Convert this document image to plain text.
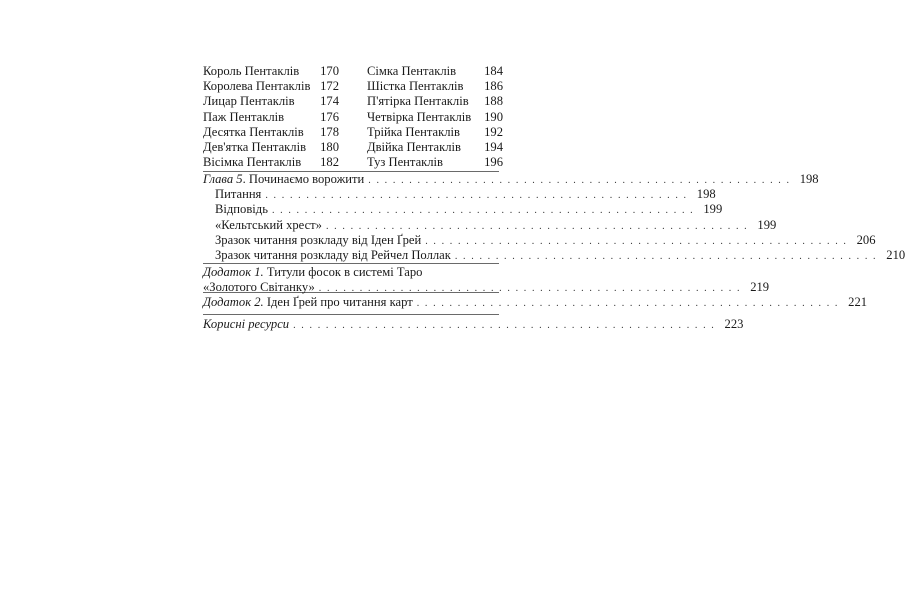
Король Пентаклів 170
Королева Пентаклів 172
Лицар Пентаклів 174
Паж Пентаклів	176
Десятка Пентаклів 178
Дев'ятка Пентаклів 180
Вісімка Пентаклів 182
Сімка Пентаклів 184
Шістка Пентаклів 186
П'ятірка Пентаклів 188
Четвірка Пентаклів 190
Трійка Пентаклів 192
Двійка Пентаклів 194
Туз Пентаклів	196
Глава 5. Починаємо ворожити . . . . . . . . . . . . . . . . . . . . . . . . . . . . . . . . . . . . . . . . . . . . . . . . . . . . 198
Питання . . . . . . . . . . . . . . . . . . . . . . . . . . . . . . . . . . . . . . . . . . . . . . . . . . . . 198
Відповідь . . . . . . . . . . . . . . . . . . . . . . . . . . . . . . . . . . . . . . . . . . . . . . . . . . . . 199
«Кельтський хрест» . . . . . . . . . . . . . . . . . . . . . . . . . . . . . . . . . . . . . . . . . . . . . . . . . . . . 199
Зразок читання розкладу від Іден Ґрей . . . . . . . . . . . . . . . . . . . . . . . . . . . . . . . . . . . . . . . . . . . . . . . . . . . . 206
Зразок читання розкладу від Рейчел Поллак . . . . . . . . . . . . . . . . . . . . . . . . . . . . . . . . . . . . . . . . . . . . . . . . . . . . 210
Додаток 1. Титули фосок в системі Таро
«Золотого Світанку» . . . . . . . . . . . . . . . . . . . . . . . . . . . . . . . . . . . . . . . . . . . . . . . . . . . . 219
Додаток 2. Іден Ґрей про читання карт . . . . . . . . . . . . . . . . . . . . . . . . . . . . . . . . . . . . . . . . . . . . . . . . . . . . 221
Корисні ресурси . . . . . . . . . . . . . . . . . . . . . . . . . . . . . . . . . . . . . . . . . . . . . . . . . . . . 223
